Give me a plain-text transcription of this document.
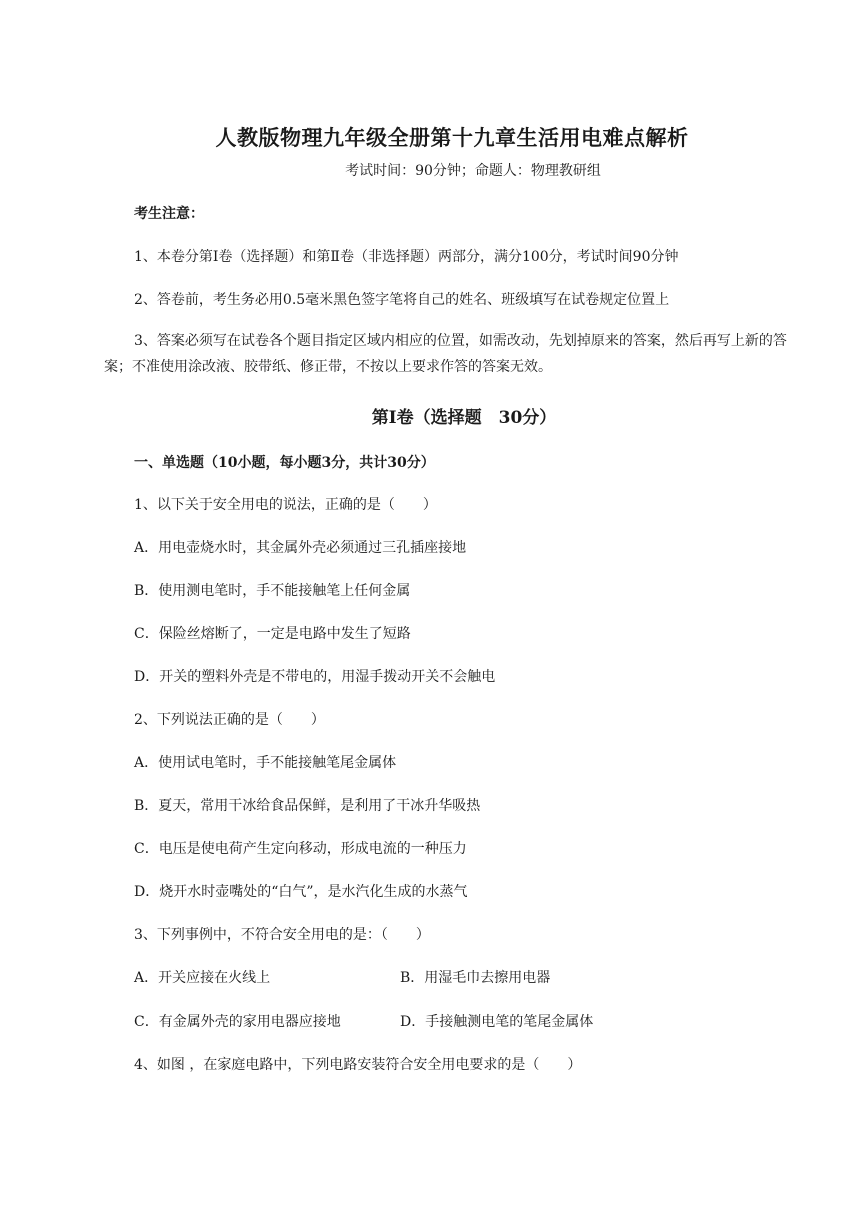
人教版物理九年级全册第十九章生活用电难点解析
考试时间：90分钟；命题人：物理教研组
考生注意：
1、本卷分第I卷（选择题）和第Ⅱ卷（非选择题）两部分，满分100分，考试时间90分钟
2、答卷前，考生务必用0.5毫米黑色签字笔将自己的姓名、班级填写在试卷规定位置上
3、答案必须写在试卷各个题目指定区域内相应的位置，如需改动，先划掉原来的答案，然后再写上新的答案；不准使用涂改液、胶带纸、修正带，不按以上要求作答的答案无效。
第I卷（选择题　30分）
一、单选题（10小题，每小题3分，共计30分）
1、以下关于安全用电的说法，正确的是（　　）
A．用电壶烧水时，其金属外壳必须通过三孔插座接地
B．使用测电笔时，手不能接触笔上任何金属
C．保险丝熔断了，一定是电路中发生了短路
D．开关的塑料外壳是不带电的，用湿手拨动开关不会触电
2、下列说法正确的是（　　）
A．使用试电笔时，手不能接触笔尾金属体
B．夏天，常用干冰给食品保鲜，是利用了干冰升华吸热
C．电压是使电荷产生定向移动，形成电流的一种压力
D．烧开水时壶嘴处的“白气”，是水汽化生成的水蒸气
3、下列事例中，不符合安全用电的是：（　　）
A．开关应接在火线上	B．用湿毛巾去擦用电器
C．有金属外壳的家用电器应接地	D．手接触测电笔的笔尾金属体
4、如图 ，在家庭电路中，下列电路安装符合安全用电要求的是（　　）
